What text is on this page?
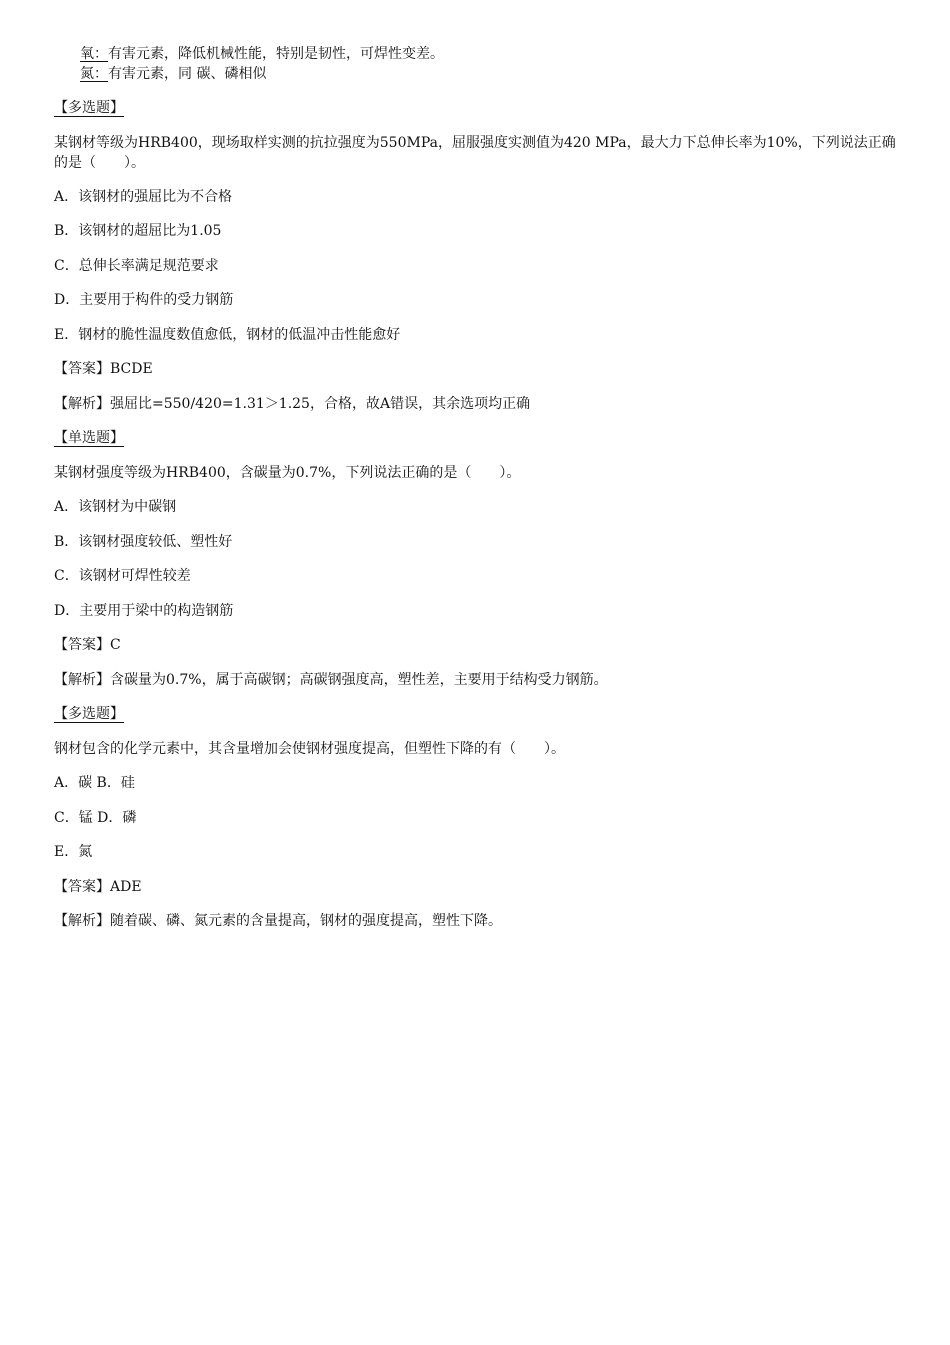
氧：有害元素，降低机械性能，特别是韧性，可焊性变差。
氮：有害元素，同 碳、磷相似
【多选题】
某钢材等级为HRB400，现场取样实测的抗拉强度为550MPa，屈服强度实测值为420 MPa，最大力下总伸长率为10%，下列说法正确的是（　　）。
A．该钢材的强屈比为不合格
B．该钢材的超屈比为1.05
C．总伸长率满足规范要求
D．主要用于构件的受力钢筋
E．钢材的脆性温度数值愈低，钢材的低温冲击性能愈好
【答案】BCDE
【解析】强屈比=550/420=1.31＞1.25，合格，故A错误，其余选项均正确
【单选题】
某钢材强度等级为HRB400，含碳量为0.7%，下列说法正确的是（　　）。
A．该钢材为中碳钢
B．该钢材强度较低、塑性好
C．该钢材可焊性较差
D．主要用于梁中的构造钢筋
【答案】C
【解析】含碳量为0.7%，属于高碳钢；高碳钢强度高，塑性差，主要用于结构受力钢筋。
【多选题】
钢材包含的化学元素中，其含量增加会使钢材强度提高，但塑性下降的有（　　）。
A．碳 B．硅
C．锰 D．磷
E．氮
【答案】ADE
【解析】随着碳、磷、氮元素的含量提高，钢材的强度提高，塑性下降。
